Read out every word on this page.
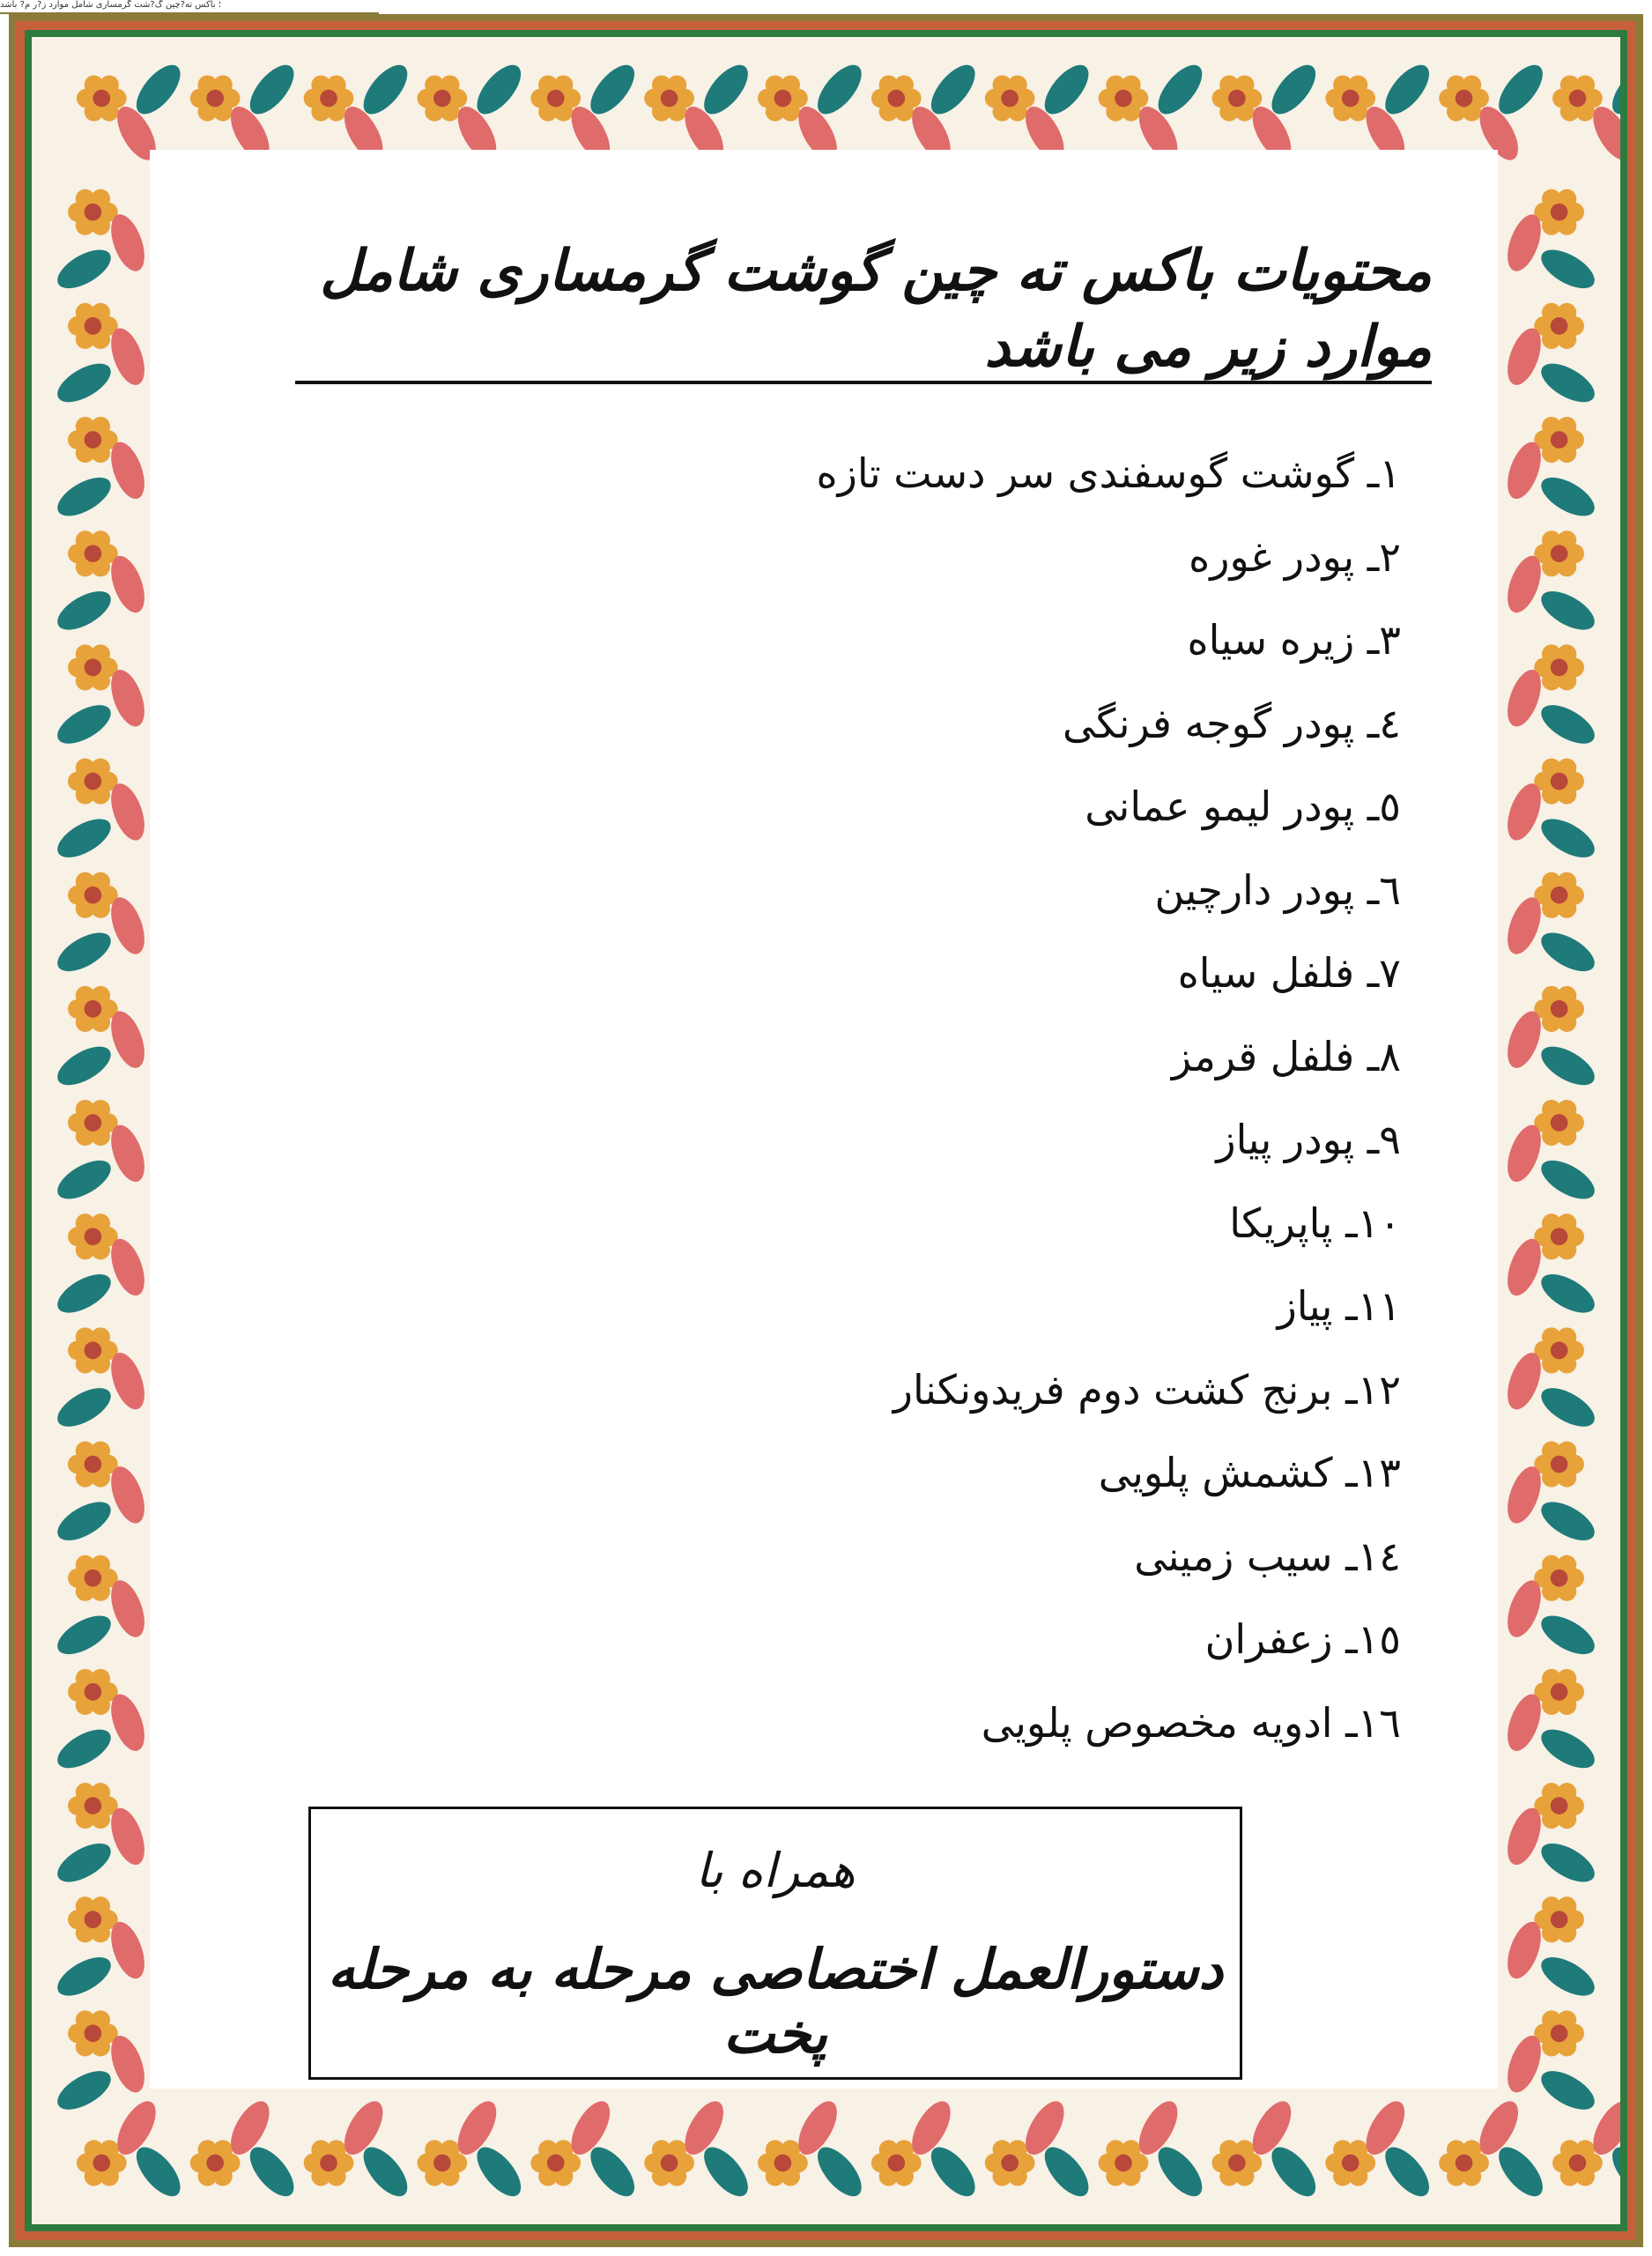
؛ باكس ته?چين گ?شت گرمساری شامل موارد ز?ر م? باشد
محتویات باکس ته چین گوشت گرمساری شامل موارد زیر می باشد
۱ـ گوشت گوسفندی سر دست تازه
۲ـ پودر غوره
۳ـ زیره سیاه
٤ـ پودر گوجه فرنگی
٥ـ پودر لیمو عمانی
٦ـ پودر دارچین
۷ـ فلفل سیاه
۸ـ فلفل قرمز
۹ـ پودر پیاز
۱۰ـ پاپریکا
۱۱ـ پیاز
۱۲ـ برنج کشت دوم فریدونکنار
۱۳ـ کشمش پلویی
۱٤ـ سیب زمینی
۱٥ـ زعفران
۱٦ـ ادویه مخصوص پلویی
همراه با
دستورالعمل اختصاصی مرحله به مرحله پخت
